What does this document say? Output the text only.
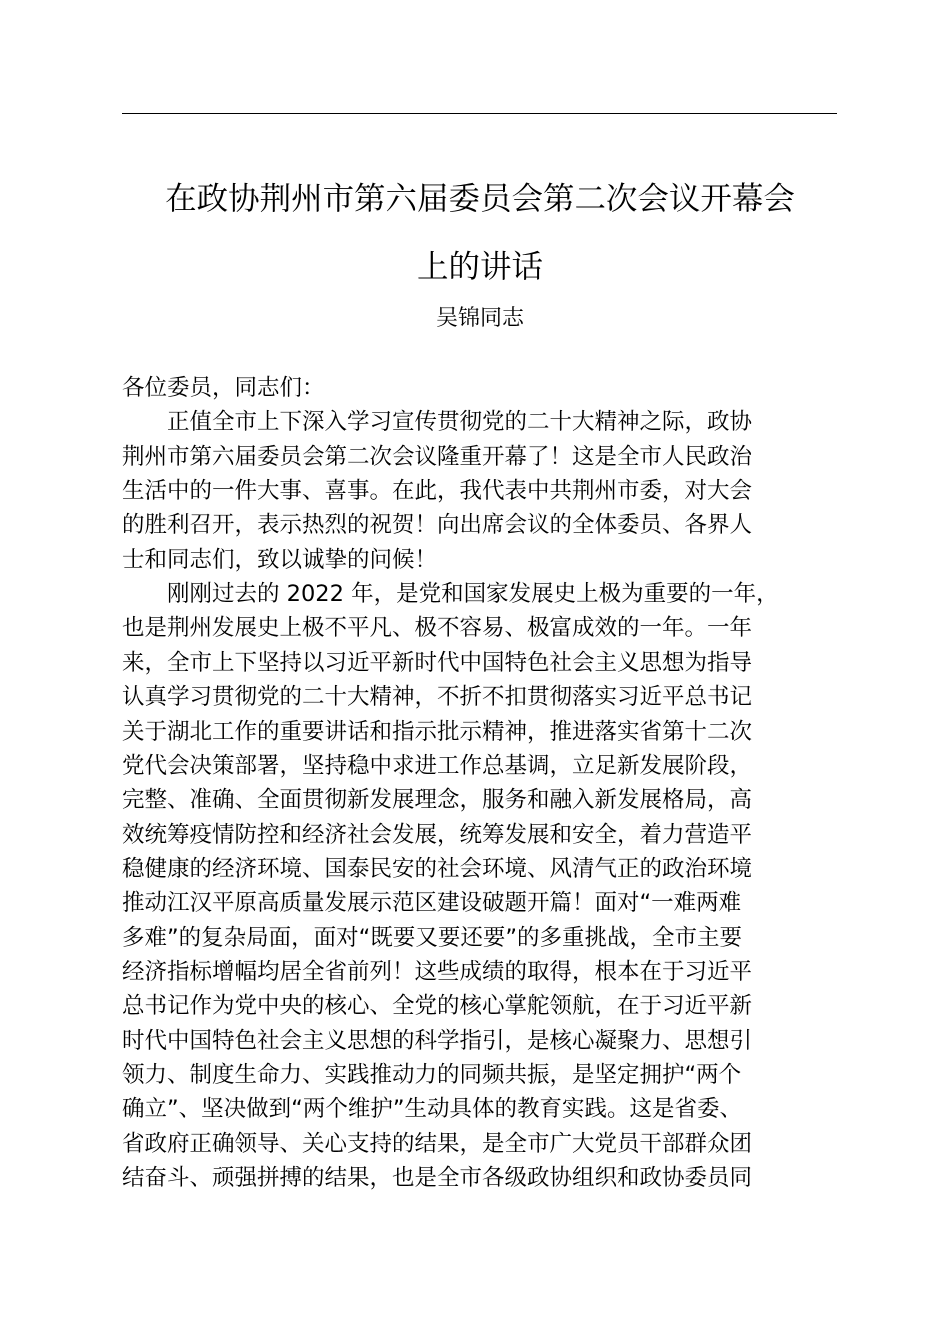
在政协荆州市第六届委员会第二次会议开幕会
上的讲话
吴锦同志
各位委员，同志们：
　　正值全市上下深入学习宣传贯彻党的二十大精神之际，政协
荆州市第六届委员会第二次会议隆重开幕了！这是全市人民政治
生活中的一件大事、喜事。在此，我代表中共荆州市委，对大会
的胜利召开，表示热烈的祝贺！向出席会议的全体委员、各界人
士和同志们，致以诚挚的问候！
　　刚刚过去的 2022 年，是党和国家发展史上极为重要的一年，
也是荆州发展史上极不平凡、极不容易、极富成效的一年。一年
来，全市上下坚持以习近平新时代中国特色社会主义思想为指导
认真学习贯彻党的二十大精神，不折不扣贯彻落实习近平总书记
关于湖北工作的重要讲话和指示批示精神，推进落实省第十二次
党代会决策部署，坚持稳中求进工作总基调，立足新发展阶段，
完整、准确、全面贯彻新发展理念，服务和融入新发展格局，高
效统筹疫情防控和经济社会发展，统筹发展和安全，着力营造平
稳健康的经济环境、国泰民安的社会环境、风清气正的政治环境
推动江汉平原高质量发展示范区建设破题开篇！面对“一难两难
多难”的复杂局面，面对“既要又要还要”的多重挑战，全市主要
经济指标增幅均居全省前列！这些成绩的取得，根本在于习近平
总书记作为党中央的核心、全党的核心掌舵领航，在于习近平新
时代中国特色社会主义思想的科学指引，是核心凝聚力、思想引
领力、制度生命力、实践推动力的同频共振，是坚定拥护“两个
确立”、坚决做到“两个维护”生动具体的教育实践。这是省委、
省政府正确领导、关心支持的结果，是全市广大党员干部群众团
结奋斗、顽强拼搏的结果，也是全市各级政协组织和政协委员同
